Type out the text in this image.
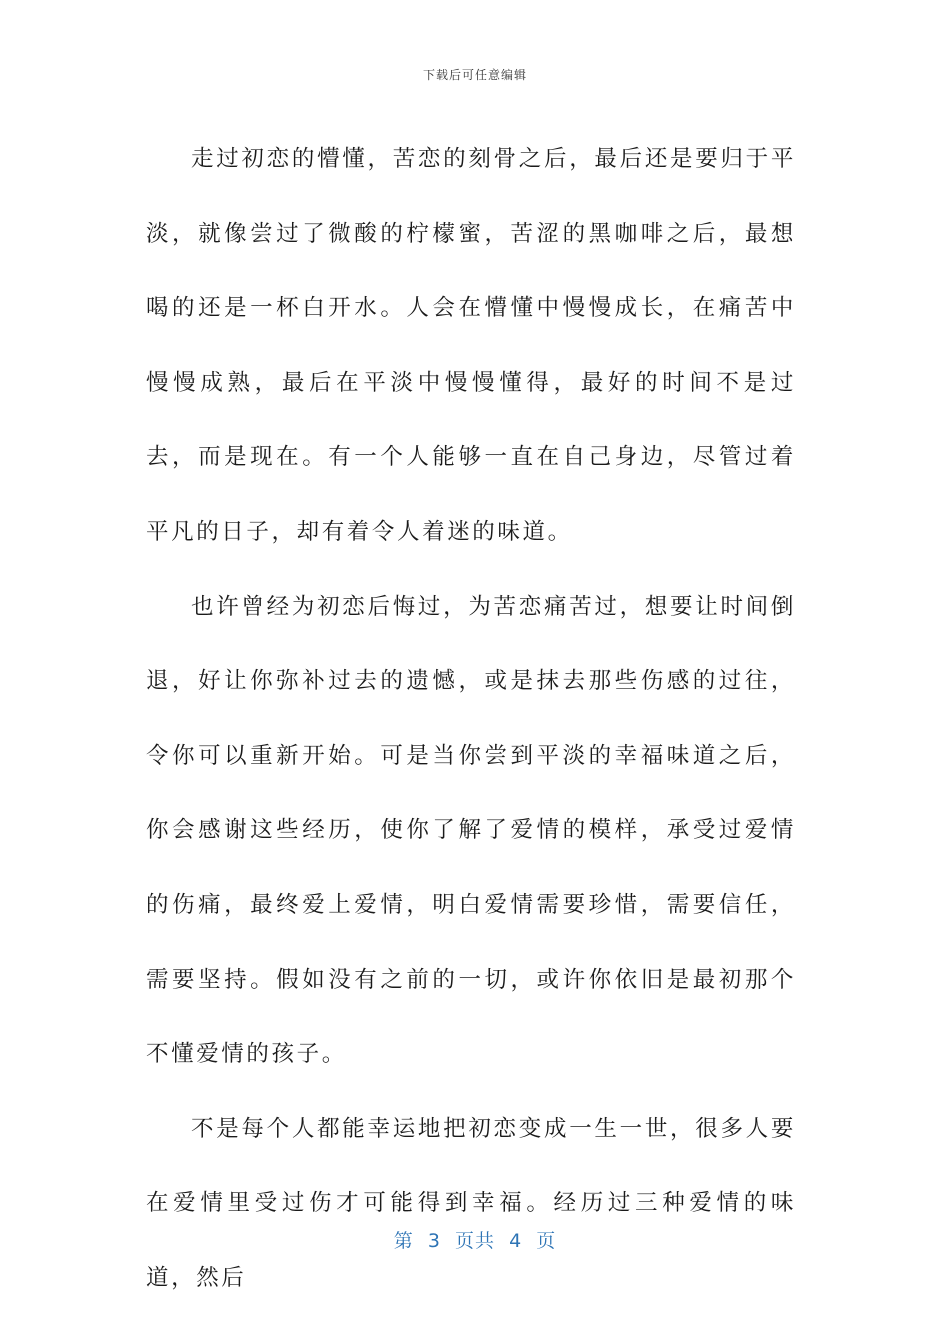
下载后可任意编辑

走过初恋的懵懂，苦恋的刻骨之后，最后还是要归于平淡，就像尝过了微酸的柠檬蜜，苦涩的黑咖啡之后，最想喝的还是一杯白开水。人会在懵懂中慢慢成长，在痛苦中慢慢成熟，最后在平淡中慢慢懂得，最好的时间不是过去，而是现在。有一个人能够一直在自己身边，尽管过着平凡的日子，却有着令人着迷的味道。

也许曾经为初恋后悔过，为苦恋痛苦过，想要让时间倒退，好让你弥补过去的遗憾，或是抹去那些伤感的过往，令你可以重新开始。可是当你尝到平淡的幸福味道之后，你会感谢这些经历，使你了解了爱情的模样，承受过爱情的伤痛，最终爱上爱情，明白爱情需要珍惜，需要信任，需要坚持。假如没有之前的一切，或许你依旧是最初那个不懂爱情的孩子。

不是每个人都能幸运地把初恋变成一生一世，很多人要在爱情里受过伤才可能得到幸福。经历过三种爱情的味道，然后

第  3  页共  4  页
